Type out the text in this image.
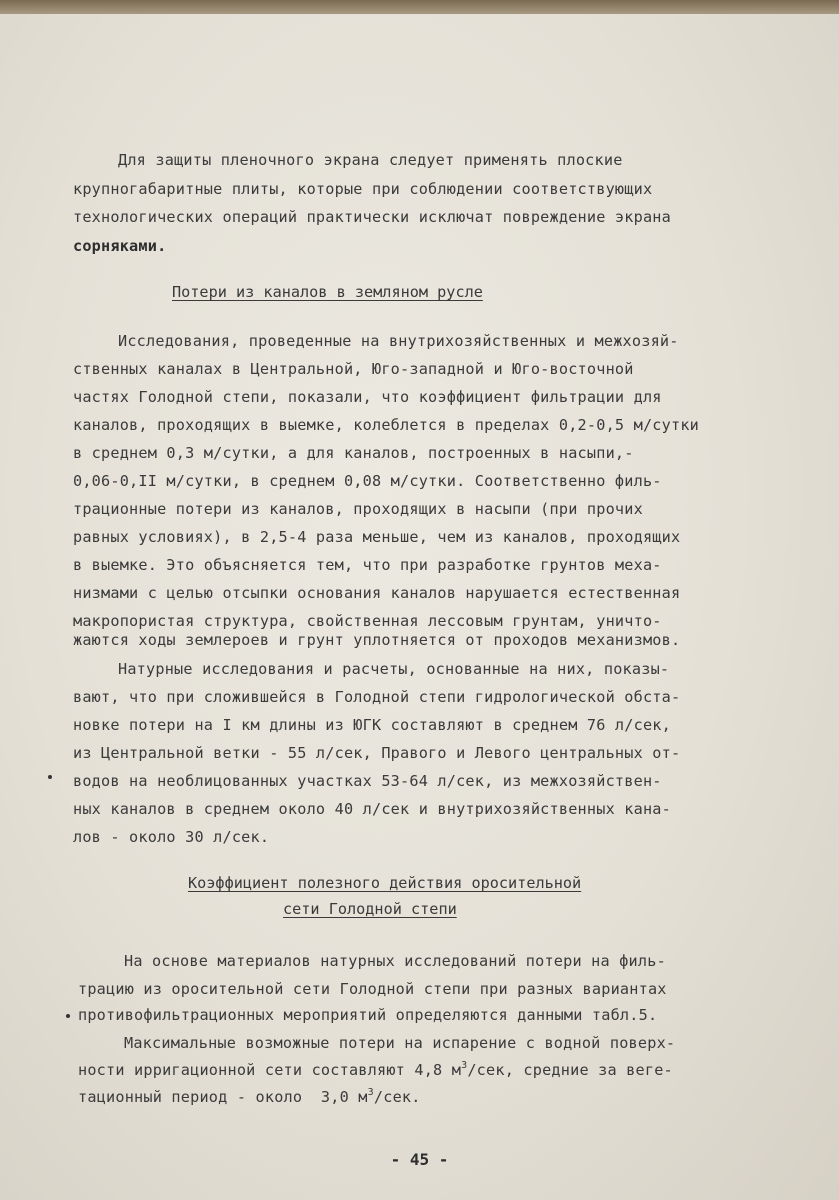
Для защиты пленочного экрана следует применять плоские
крупногабаритные плиты, которые при соблюдении соответствующих
технологических операций практически исключат повреждение экрана
сорняками.
Потери из каналов в земляном русле
Исследования, проведенные на внутрихозяйственных и межхозяй-
ственных каналах в Центральной, Юго-западной и Юго-восточной
частях Голодной степи, показали, что коэффициент фильтрации для
каналов, проходящих в выемке, колеблется в пределах 0,2-0,5 м/сутки
в среднем 0,3 м/сутки, а для каналов, построенных в насыпи,-
0,06-0,II м/сутки, в среднем 0,08 м/сутки. Соответственно филь-
трационные потери из каналов, проходящих в насыпи (при прочих
равных условиях), в 2,5-4 раза меньше, чем из каналов, проходящих
в выемке. Это объясняется тем, что при разработке грунтов меха-
низмами с целью отсыпки основания каналов нарушается естественная
макропористая структура, свойственная лессовым грунтам, уничто-
жаются ходы землероев и грунт уплотняется от проходов механизмов.
Натурные исследования и расчеты, основанные на них, показы-
вают, что при сложившейся в Голодной степи гидрологической обста-
новке потери на I км длины из ЮГК составляют в среднем 76 л/сек,
из Центральной ветки - 55 л/сек, Правого и Левого центральных от-
водов на необлицованных участках 53-64 л/сек, из межхозяйствен-
ных каналов в среднем около 40 л/сек и внутрихозяйственных кана-
лов - около 30 л/сек.
Коэффициент полезного действия оросительной
сети Голодной степи
На основе материалов натурных исследований потери на филь-
трацию из оросительной сети Голодной степи при разных вариантах
противофильтрационных мероприятий определяются данными табл.5.
Максимальные возможные потери на испарение с водной поверх-
ности ирригационной сети составляют 4,8 $м^3$/сек, средние за веге-
тационный период - около  3,0 $м^3$/сек.
- 45 -
